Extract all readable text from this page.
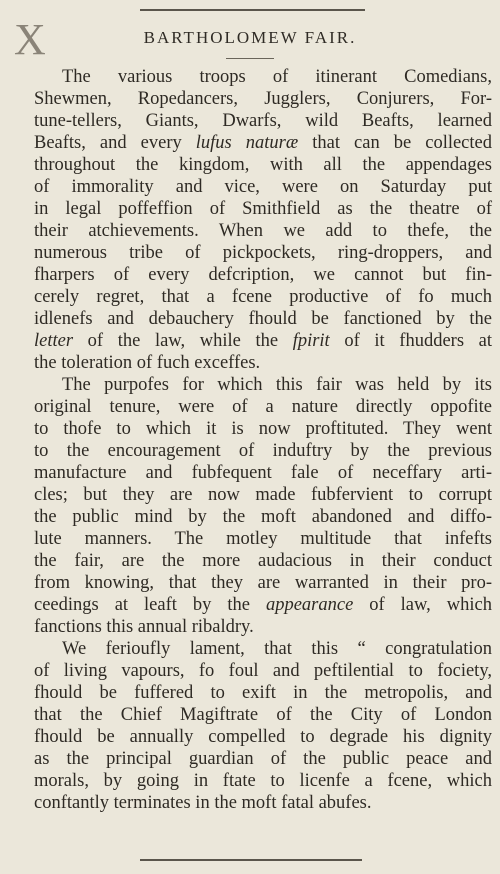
X	BARTHOLOMEW FAIR.

The various troops of itinerant Comedians,
Shewmen, Ropedancers, Jugglers, Conjurers, For-
tune-tellers, Giants, Dwarfs, wild Beafts, learned
Beafts, and every lufus naturæ that can be collected
throughout the kingdom, with all the appendages
of immorality and vice, were on Saturday put
in legal poffeffion of Smithfield as the theatre of
their atchievements. When we add to thefe, the
numerous tribe of pickpockets, ring-droppers, and
fharpers of every defcription, we cannot but fin-
cerely regret, that a fcene productive of fo much
idlenefs and debauchery fhould be fanctioned by the
letter of the law, while the fpirit of it fhudders at
the toleration of fuch exceffes.

The purpofes for which this fair was held by its
original tenure, were of a nature directly oppofite
to thofe to which it is now proftituted. They went
to the encouragement of induftry by the previous
manufacture and fubfequent fale of neceffary arti-
cles; but they are now made fubfervient to corrupt
the public mind by the moft abandoned and diffo-
lute manners. The motley multitude that infefts
the fair, are the more audacious in their conduct
from knowing, that they are warranted in their pro-
ceedings at leaft by the appearance of law, which
fanctions this annual ribaldry.

We ferioufly lament, that this “ congratulation
of living vapours, fo foul and peftilential to fociety,
fhould be fuffered to exift in the metropolis, and
that the Chief Magiftrate of the City of London
fhould be annually compelled to degrade his dignity
as the principal guardian of the public peace and
morals, by going in ftate to licenfe a fcene, which
conftantly terminates in the moft fatal abufes.
